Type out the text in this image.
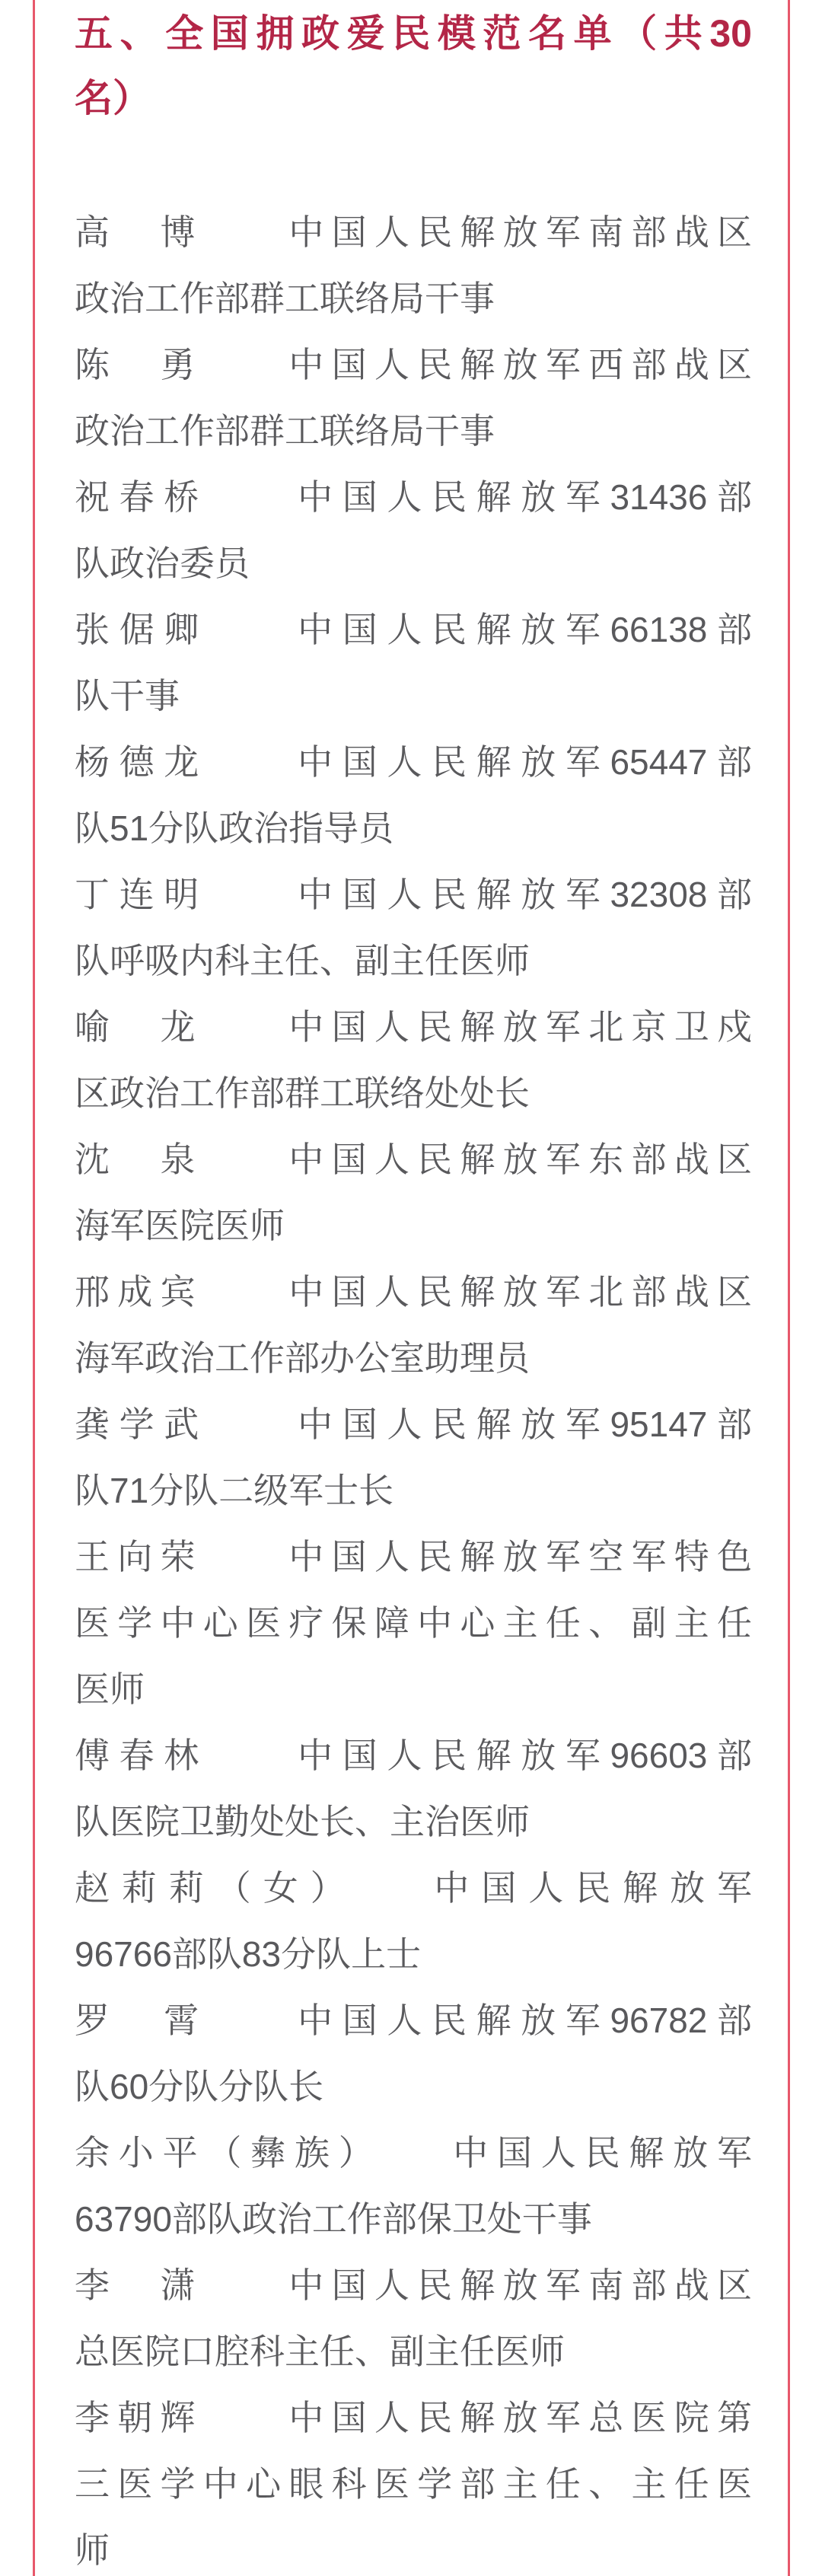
五、全国拥政爱民模范名单（共30
名）
高　博　　中国人民解放军南部战区
政治工作部群工联络局干事
陈　勇　　中国人民解放军西部战区
政治工作部群工联络局干事
祝春桥　　中国人民解放军31436部
队政治委员
张倨卿　　中国人民解放军66138部
队干事
杨德龙　　中国人民解放军65447部
队51分队政治指导员
丁连明　　中国人民解放军32308部
队呼吸内科主任、副主任医师
喻　龙　　中国人民解放军北京卫戍
区政治工作部群工联络处处长
沈　泉　　中国人民解放军东部战区
海军医院医师
邢成宾　　中国人民解放军北部战区
海军政治工作部办公室助理员
龚学武　　中国人民解放军95147部
队71分队二级军士长
王向荣　　中国人民解放军空军特色
医学中心医疗保障中心主任、副主任
医师
傅春林　　中国人民解放军96603部
队医院卫勤处处长、主治医师
赵莉莉（女）　　中国人民解放军
96766部队83分队上士
罗　霄　　中国人民解放军96782部
队60分队分队长
余小平（彝族）　　中国人民解放军
63790部队政治工作部保卫处干事
李　潇　　中国人民解放军南部战区
总医院口腔科主任、副主任医师
李朝辉　　中国人民解放军总医院第
三医学中心眼科医学部主任、主任医
师
